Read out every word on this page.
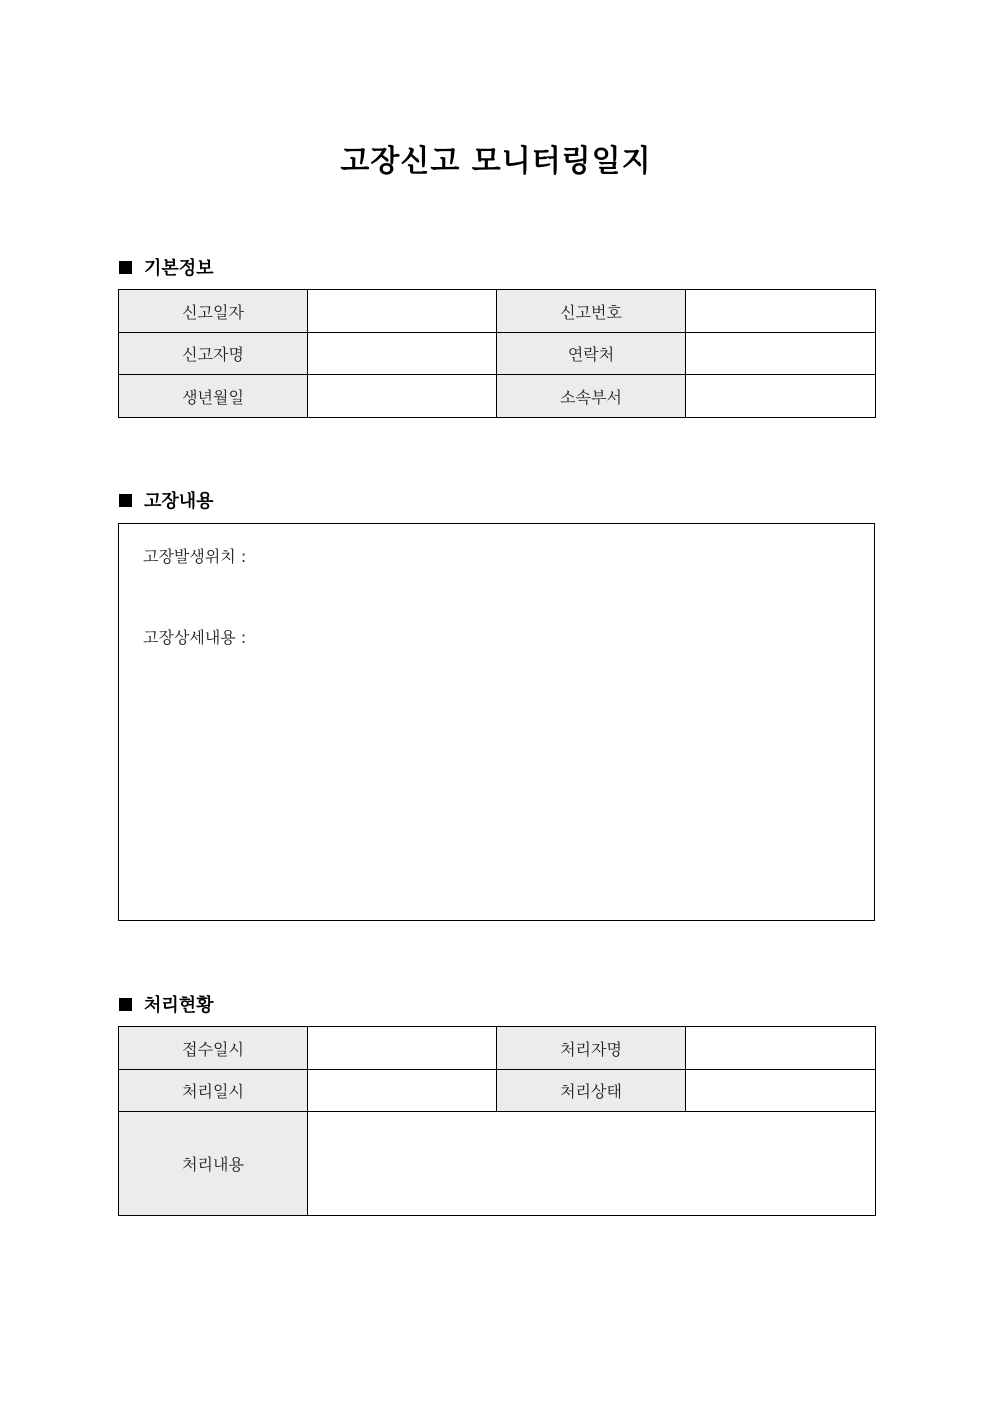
고장신고 모니터링일지
기본정보
신고일자		신고번호	
신고자명		연락처	
생년월일		소속부서	
고장내용
고장발생위치 :
고장상세내용 :
처리현황
접수일시		처리자명	
처리일시		처리상태	
처리내용			
